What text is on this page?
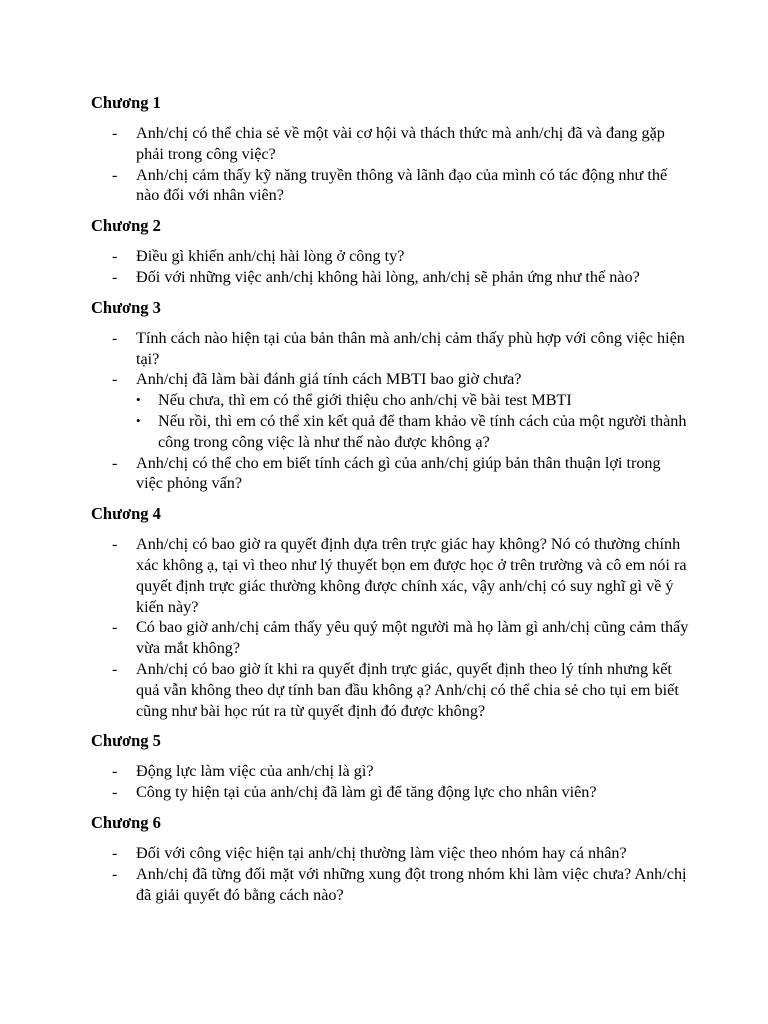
Chương 1
- Anh/chị có thể chia sẻ về một vài cơ hội và thách thức mà anh/chị đã và đang gặp phải trong công việc?
- Anh/chị cảm thấy kỹ năng truyền thông và lãnh đạo của mình có tác động như thế nào đối với nhân viên?
Chương 2
- Điều gì khiến anh/chị hài lòng ở công ty?
- Đối với những việc anh/chị không hài lòng, anh/chị sẽ phản ứng như thế nào?
Chương 3
- Tính cách nào hiện tại của bản thân mà anh/chị cảm thấy phù hợp với công việc hiện tại?
- Anh/chị đã làm bài đánh giá tính cách MBTI bao giờ chưa?
• Nếu chưa, thì em có thể giới thiệu cho anh/chị về bài test MBTI
• Nếu rồi, thì em có thể xin kết quả để tham khảo về tính cách của một người thành công trong công việc là như thế nào được không ạ?
- Anh/chị có thể cho em biết tính cách gì của anh/chị giúp bản thân thuận lợi trong việc phỏng vấn?
Chương 4
- Anh/chị có bao giờ ra quyết định dựa trên trực giác hay không? Nó có thường chính xác không ạ, tại vì theo như lý thuyết bọn em được học ở trên trường và cô em nói ra quyết định trực giác thường không được chính xác, vậy anh/chị có suy nghĩ gì về ý kiến này?
- Có bao giờ anh/chị cảm thấy yêu quý một người mà họ làm gì anh/chị cũng cảm thấy vừa mắt không?
- Anh/chị có bao giờ ít khi ra quyết định trực giác, quyết định theo lý tính nhưng kết quả vẫn không theo dự tính ban đầu không ạ? Anh/chị có thể chia sẻ cho tụi em biết cũng như bài học rút ra từ quyết định đó được không?
Chương 5
- Động lực làm việc của anh/chị là gì?
- Công ty hiện tại của anh/chị đã làm gì để tăng động lực cho nhân viên?
Chương 6
- Đối với công việc hiện tại anh/chị thường làm việc theo nhóm hay cá nhân?
- Anh/chị đã từng đối mặt với những xung đột trong nhóm khi làm việc chưa? Anh/chị đã giải quyết đó bằng cách nào?
